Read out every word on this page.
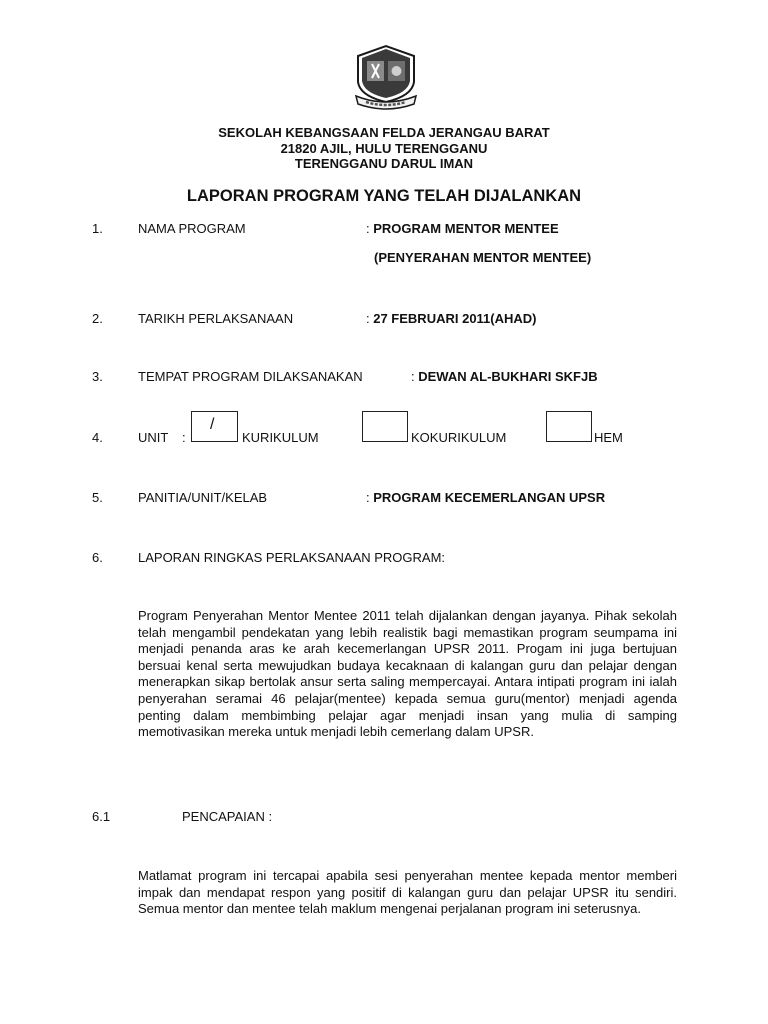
SEKOLAH KEBANGSAAN FELDA JERANGAU BARAT
21820 AJIL, HULU TERENGGANU
TERENGGANU DARUL IMAN
LAPORAN PROGRAM YANG TELAH DIJALANKAN
1.	NAMA PROGRAM	: PROGRAM MENTOR MENTEE
(PENYERAHAN MENTOR MENTEE)
2.	TARIKH PERLAKSANAAN	: 27 FEBRUARI 2011(AHAD)
3.	TEMPAT PROGRAM DILAKSANAKAN	: DEWAN AL-BUKHARI SKFJB
4.	UNIT :
/
KURIKULUM	KOKURIKULUM	HEM
5.	PANITIA/UNIT/KELAB	: PROGRAM KECEMERLANGAN UPSR
6.	LAPORAN RINGKAS PERLAKSANAAN PROGRAM:
Program Penyerahan Mentor Mentee 2011 telah dijalankan dengan jayanya. Pihak sekolah telah mengambil pendekatan yang lebih realistik bagi memastikan program seumpama ini menjadi penanda aras ke arah kecemerlangan UPSR 2011. Progam ini juga bertujuan bersuai kenal serta mewujudkan budaya kecaknaan di kalangan guru dan pelajar dengan menerapkan sikap bertolak ansur serta saling mempercayai. Antara intipati program ini ialah penyerahan seramai 46 pelajar(mentee) kepada semua guru(mentor) menjadi agenda penting dalam membimbing pelajar agar menjadi insan yang mulia di samping memotivasikan mereka untuk menjadi lebih cemerlang dalam UPSR.
6.1	PENCAPAIAN :
Matlamat program ini tercapai apabila sesi penyerahan mentee kepada mentor memberi impak dan mendapat respon yang positif di kalangan guru dan pelajar UPSR itu sendiri. Semua mentor dan mentee telah maklum mengenai perjalanan program ini seterusnya.
